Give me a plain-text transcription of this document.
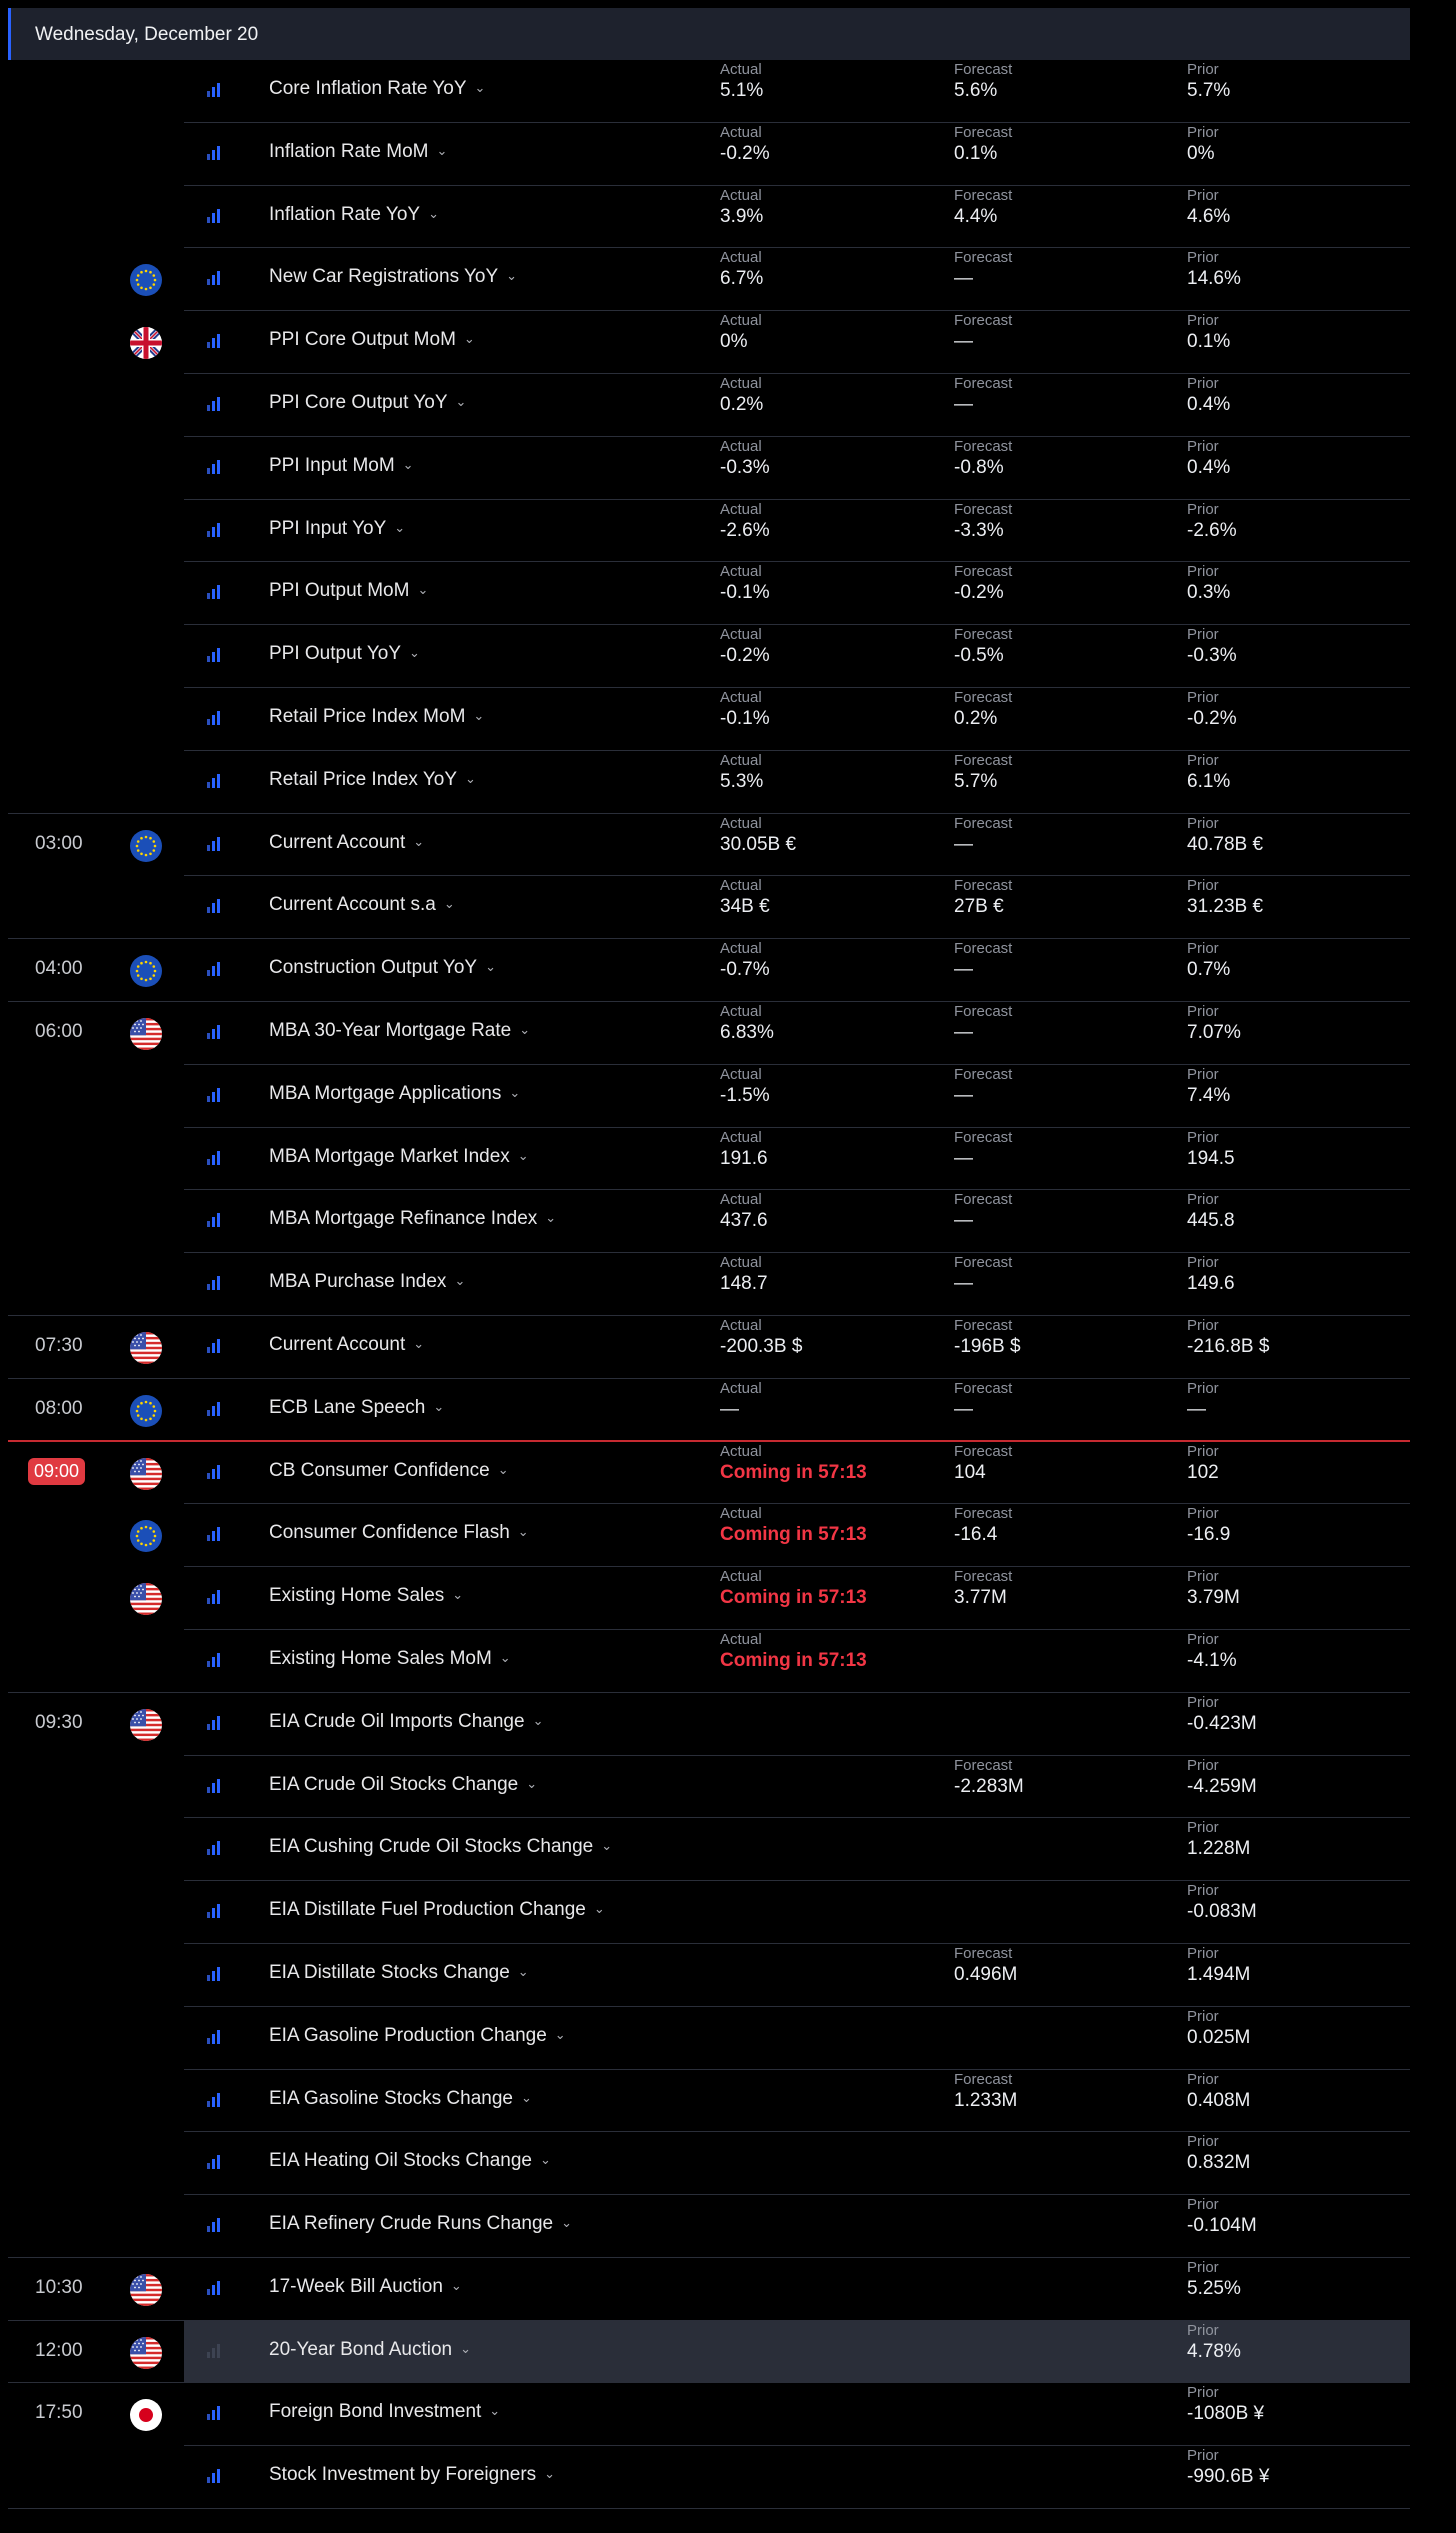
Wednesday, December 20
Core Inflation Rate YoY ⌄
Actual
5.1%
Forecast
5.6%
Prior
5.7%
Inflation Rate MoM ⌄
Actual
-0.2%
Forecast
0.1%
Prior
0%
Inflation Rate YoY ⌄
Actual
3.9%
Forecast
4.4%
Prior
4.6%
New Car Registrations YoY ⌄
Actual
6.7%
Forecast
—
Prior
14.6%
PPI Core Output MoM ⌄
Actual
0%
Forecast
—
Prior
0.1%
PPI Core Output YoY ⌄
Actual
0.2%
Forecast
—
Prior
0.4%
PPI Input MoM ⌄
Actual
-0.3%
Forecast
-0.8%
Prior
0.4%
PPI Input YoY ⌄
Actual
-2.6%
Forecast
-3.3%
Prior
-2.6%
PPI Output MoM ⌄
Actual
-0.1%
Forecast
-0.2%
Prior
0.3%
PPI Output YoY ⌄
Actual
-0.2%
Forecast
-0.5%
Prior
-0.3%
Retail Price Index MoM ⌄
Actual
-0.1%
Forecast
0.2%
Prior
-0.2%
Retail Price Index YoY ⌄
Actual
5.3%
Forecast
5.7%
Prior
6.1%
03:00	Current Account ⌄
Actual
30.05B €
Forecast
—
Prior
40.78B €
Current Account s.a ⌄
Actual
34B €
Forecast
27B €
Prior
31.23B €
04:00	Construction Output YoY ⌄
Actual
-0.7%
Forecast
—
Prior
0.7%
06:00	MBA 30-Year Mortgage Rate ⌄
Actual
6.83%
Forecast
—
Prior
7.07%
MBA Mortgage Applications ⌄
Actual
-1.5%
Forecast
—
Prior
7.4%
MBA Mortgage Market Index ⌄
Actual
191.6
Forecast
—
Prior
194.5
MBA Mortgage Refinance Index ⌄
Actual
437.6
Forecast
—
Prior
445.8
MBA Purchase Index ⌄
Actual
148.7
Forecast
—
Prior
149.6
07:30	Current Account ⌄
Actual
-200.3B $
Forecast
-196B $
Prior
-216.8B $
08:00	ECB Lane Speech ⌄
Actual
—
Forecast
—
Prior
—
09:00	CB Consumer Confidence ⌄
Actual
Coming in 57:13
Forecast
104
Prior
102
Consumer Confidence Flash ⌄
Actual
Coming in 57:13
Forecast
-16.4
Prior
-16.9
Existing Home Sales ⌄
Actual
Coming in 57:13
Forecast
3.77M
Prior
3.79M
Existing Home Sales MoM ⌄
Actual
Coming in 57:13
Prior
-4.1%
09:30	EIA Crude Oil Imports Change ⌄
Prior
-0.423M
EIA Crude Oil Stocks Change ⌄
Forecast
-2.283M
Prior
-4.259M
EIA Cushing Crude Oil Stocks Change ⌄
Prior
1.228M
EIA Distillate Fuel Production Change ⌄
Prior
-0.083M
EIA Distillate Stocks Change ⌄
Forecast
0.496M
Prior
1.494M
EIA Gasoline Production Change ⌄
Prior
0.025M
EIA Gasoline Stocks Change ⌄
Forecast
1.233M
Prior
0.408M
EIA Heating Oil Stocks Change ⌄
Prior
0.832M
EIA Refinery Crude Runs Change ⌄
Prior
-0.104M
10:30	17-Week Bill Auction ⌄
Prior
5.25%
12:00	20-Year Bond Auction ⌄
Prior
4.78%
17:50	Foreign Bond Investment ⌄
Prior
-1080B ¥
Stock Investment by Foreigners ⌄
Prior
-990.6B ¥
